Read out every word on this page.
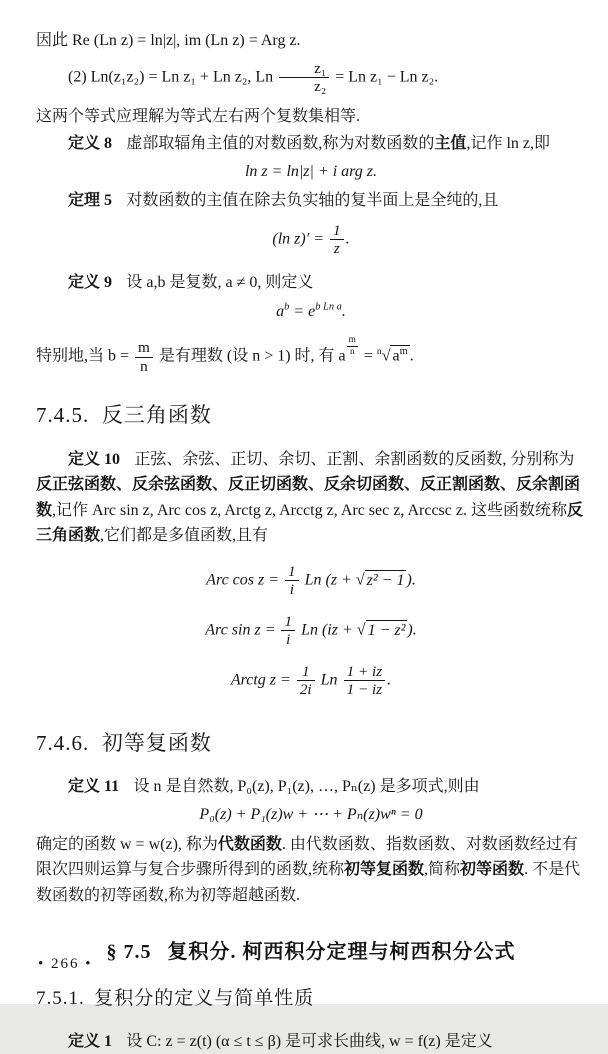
因此 Re (Ln z) = ln|z|, im (Ln z) = Arg z.

(2) Ln(z₁z₂) = Ln z₁ + Ln z₂, Ln $\frac{\text{z₁}}{\text{z₂}} = Ln$ z₁ − Ln z₂.

这两个等式应理解为等式左右两个复数集相等.

定义 8 虚部取辐角主值的对数函数,称为对数函数的主值,记作 ln z,即

ln z = ln|z| + i arg z.

定理 5 对数函数的主值在除去负实轴的复半面上是全纯的,且

(ln $z)' = \frac{1}{z}$ .

定义 9 设 a,b 是复数, a ≠ 0, 则定义

$a^b = e^{b Ln a}$.

特别地,当 $b = \frac{m}{n}$ 是有理数 (设 n > 1) 时, 有 a $\frac{m}{n} = ^n√$ $a^m$ .

7.4.5. 反三角函数

定义 10 正弦、余弦、正切、余切、正割、余割函数的反函数, 分别称为反正弦函数、反余弦函数、反正切函数、反余切函数、反正割函数、反余割函数,记作 Arc sin z, Arc cos z, Arctg z, Arcctg z, Arc sec z, Arccsc z. 这些函数统称反三角函数,它们都是多值函数,且有

Arc $\cos z = \frac{1}{i}$ Ln (z + √ z² − 1 ).

Arc $\sin z = \frac{1}{i}$ Ln (iz + √ 1 − z² ).

Arctg $z = \frac{1}{2i}$ Ln $\frac{1 + iz}{1 - iz}$ .

7.4.6. 初等复函数

定义 11 设 n 是自然数, P₀(z), P₁(z), …, Pₙ(z) 是多项式,则由

P₀(z) + P₁(z)w + ⋯ + Pₙ(z)wⁿ = 0

确定的函数 w = w(z), 称为代数函数. 由代数函数、指数函数、对数函数经过有限次四则运算与复合步骤所得到的函数,统称初等复函数,简称初等函数. 不是代数函数的初等函数,称为初等超越函数.

§ 7.5 复积分. 柯西积分定理与柯西积分公式
7.5.1. 复积分的定义与简单性质

定义 1 设 C: z = z(t) (α ≤ t ≤ β) 是可求长曲线, w = f(z) 是定义

• 266 •
